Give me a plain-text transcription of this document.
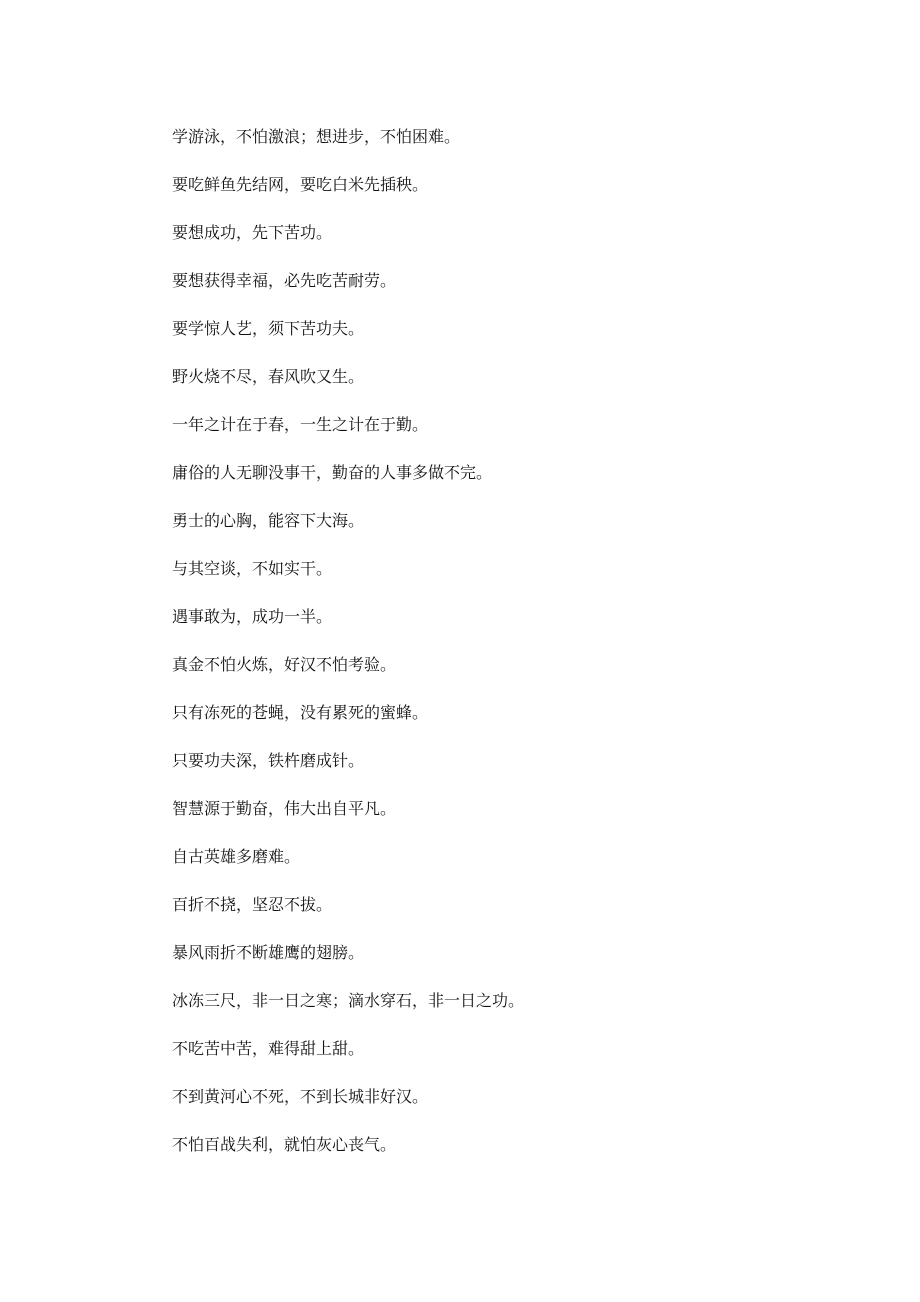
学游泳，不怕激浪；想进步，不怕困难。
要吃鲜鱼先结网，要吃白米先插秧。
要想成功，先下苦功。
要想获得幸福，必先吃苦耐劳。
要学惊人艺，须下苦功夫。
野火烧不尽，春风吹又生。
一年之计在于春，一生之计在于勤。
庸俗的人无聊没事干，勤奋的人事多做不完。
勇士的心胸，能容下大海。
与其空谈，不如实干。
遇事敢为，成功一半。
真金不怕火炼，好汉不怕考验。
只有冻死的苍蝇，没有累死的蜜蜂。
只要功夫深，铁杵磨成针。
智慧源于勤奋，伟大出自平凡。
自古英雄多磨难。
百折不挠，坚忍不拔。
暴风雨折不断雄鹰的翅膀。
冰冻三尺，非一日之寒；滴水穿石，非一日之功。
不吃苦中苦，难得甜上甜。
不到黄河心不死，不到长城非好汉。
不怕百战失利，就怕灰心丧气。
